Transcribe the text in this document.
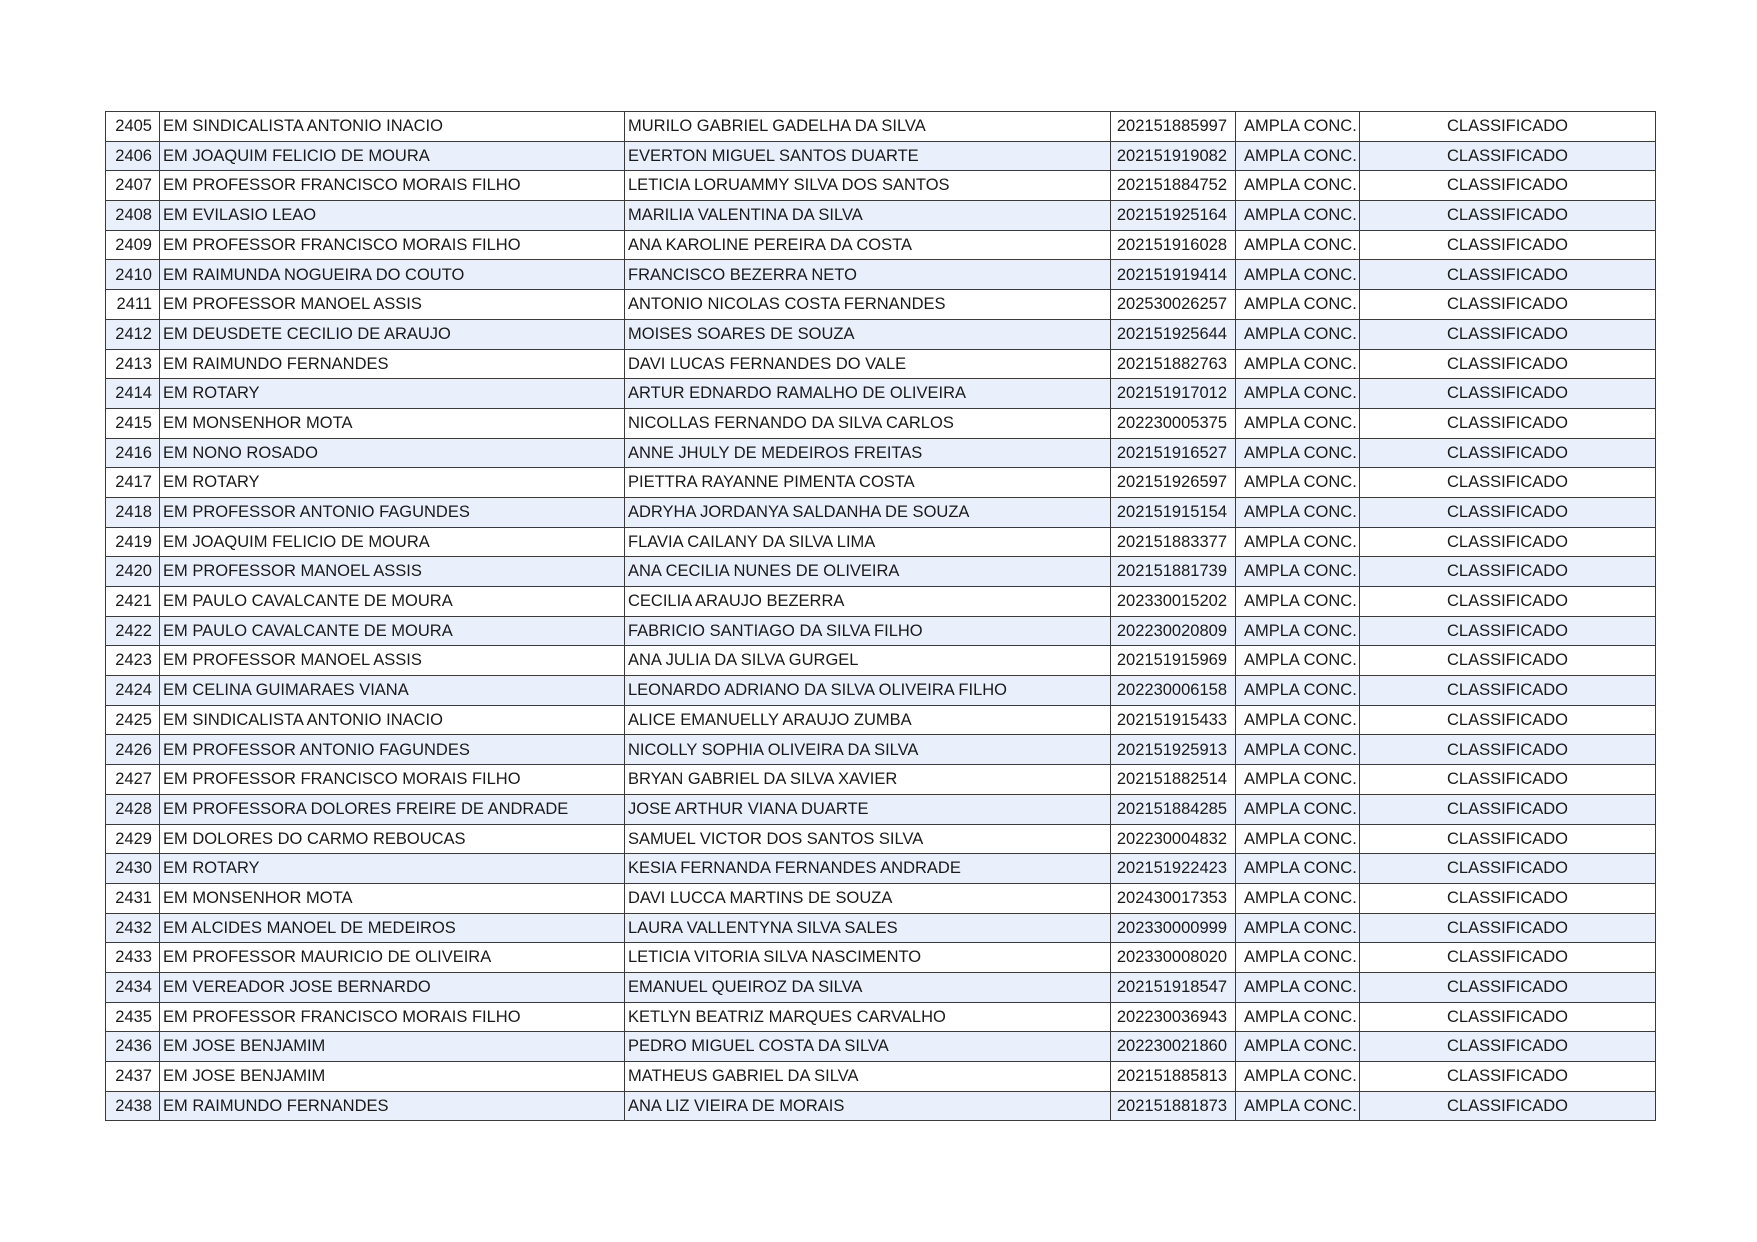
2405	EM SINDICALISTA ANTONIO INACIO	MURILO GABRIEL GADELHA DA SILVA	202151885997	AMPLA CONC.	CLASSIFICADO
2406	EM JOAQUIM FELICIO DE MOURA	EVERTON MIGUEL SANTOS DUARTE	202151919082	AMPLA CONC.	CLASSIFICADO
2407	EM PROFESSOR FRANCISCO MORAIS FILHO	LETICIA LORUAMMY SILVA DOS SANTOS	202151884752	AMPLA CONC.	CLASSIFICADO
2408	EM EVILASIO LEAO	MARILIA VALENTINA DA SILVA	202151925164	AMPLA CONC.	CLASSIFICADO
2409	EM PROFESSOR FRANCISCO MORAIS FILHO	ANA KAROLINE PEREIRA DA COSTA	202151916028	AMPLA CONC.	CLASSIFICADO
2410	EM RAIMUNDA NOGUEIRA DO COUTO	FRANCISCO BEZERRA NETO	202151919414	AMPLA CONC.	CLASSIFICADO
2411	EM PROFESSOR MANOEL ASSIS	ANTONIO NICOLAS COSTA FERNANDES	202530026257	AMPLA CONC.	CLASSIFICADO
2412	EM DEUSDETE CECILIO DE ARAUJO	MOISES SOARES DE SOUZA	202151925644	AMPLA CONC.	CLASSIFICADO
2413	EM RAIMUNDO FERNANDES	DAVI LUCAS FERNANDES DO VALE	202151882763	AMPLA CONC.	CLASSIFICADO
2414	EM ROTARY	ARTUR EDNARDO RAMALHO DE OLIVEIRA	202151917012	AMPLA CONC.	CLASSIFICADO
2415	EM MONSENHOR MOTA	NICOLLAS FERNANDO DA SILVA CARLOS	202230005375	AMPLA CONC.	CLASSIFICADO
2416	EM NONO ROSADO	ANNE JHULY DE MEDEIROS FREITAS	202151916527	AMPLA CONC.	CLASSIFICADO
2417	EM ROTARY	PIETTRA RAYANNE PIMENTA COSTA	202151926597	AMPLA CONC.	CLASSIFICADO
2418	EM PROFESSOR ANTONIO FAGUNDES	ADRYHA JORDANYA SALDANHA DE SOUZA	202151915154	AMPLA CONC.	CLASSIFICADO
2419	EM JOAQUIM FELICIO DE MOURA	FLAVIA CAILANY DA SILVA LIMA	202151883377	AMPLA CONC.	CLASSIFICADO
2420	EM PROFESSOR MANOEL ASSIS	ANA CECILIA NUNES DE OLIVEIRA	202151881739	AMPLA CONC.	CLASSIFICADO
2421	EM PAULO CAVALCANTE DE MOURA	CECILIA ARAUJO BEZERRA	202330015202	AMPLA CONC.	CLASSIFICADO
2422	EM PAULO CAVALCANTE DE MOURA	FABRICIO SANTIAGO DA SILVA FILHO	202230020809	AMPLA CONC.	CLASSIFICADO
2423	EM PROFESSOR MANOEL ASSIS	ANA JULIA DA SILVA GURGEL	202151915969	AMPLA CONC.	CLASSIFICADO
2424	EM CELINA GUIMARAES VIANA	LEONARDO ADRIANO DA SILVA OLIVEIRA FILHO	202230006158	AMPLA CONC.	CLASSIFICADO
2425	EM SINDICALISTA ANTONIO INACIO	ALICE EMANUELLY ARAUJO ZUMBA	202151915433	AMPLA CONC.	CLASSIFICADO
2426	EM PROFESSOR ANTONIO FAGUNDES	NICOLLY SOPHIA OLIVEIRA DA SILVA	202151925913	AMPLA CONC.	CLASSIFICADO
2427	EM PROFESSOR FRANCISCO MORAIS FILHO	BRYAN GABRIEL DA SILVA XAVIER	202151882514	AMPLA CONC.	CLASSIFICADO
2428	EM PROFESSORA DOLORES FREIRE DE ANDRADE	JOSE ARTHUR VIANA DUARTE	202151884285	AMPLA CONC.	CLASSIFICADO
2429	EM DOLORES DO CARMO REBOUCAS	SAMUEL VICTOR DOS SANTOS SILVA	202230004832	AMPLA CONC.	CLASSIFICADO
2430	EM ROTARY	KESIA FERNANDA FERNANDES ANDRADE	202151922423	AMPLA CONC.	CLASSIFICADO
2431	EM MONSENHOR MOTA	DAVI LUCCA MARTINS DE SOUZA	202430017353	AMPLA CONC.	CLASSIFICADO
2432	EM ALCIDES MANOEL DE MEDEIROS	LAURA VALLENTYNA SILVA SALES	202330000999	AMPLA CONC.	CLASSIFICADO
2433	EM PROFESSOR MAURICIO DE OLIVEIRA	LETICIA VITORIA SILVA NASCIMENTO	202330008020	AMPLA CONC.	CLASSIFICADO
2434	EM VEREADOR JOSE BERNARDO	EMANUEL QUEIROZ DA SILVA	202151918547	AMPLA CONC.	CLASSIFICADO
2435	EM PROFESSOR FRANCISCO MORAIS FILHO	KETLYN BEATRIZ MARQUES CARVALHO	202230036943	AMPLA CONC.	CLASSIFICADO
2436	EM JOSE BENJAMIM	PEDRO MIGUEL COSTA DA SILVA	202230021860	AMPLA CONC.	CLASSIFICADO
2437	EM JOSE BENJAMIM	MATHEUS GABRIEL DA SILVA	202151885813	AMPLA CONC.	CLASSIFICADO
2438	EM RAIMUNDO FERNANDES	ANA LIZ VIEIRA DE MORAIS	202151881873	AMPLA CONC.	CLASSIFICADO
